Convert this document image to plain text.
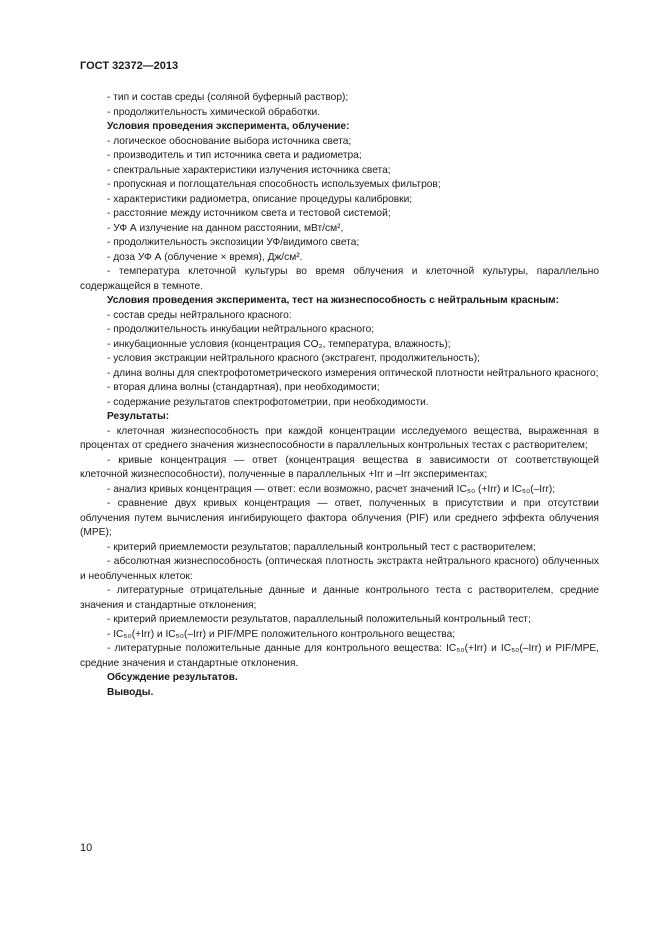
ГОСТ 32372—2013

- тип и состав среды (соляной буферный раствор);

- продолжительность химической обработки.

Условия проведения эксперимента, облучение:

- логическое обоснование выбора источника света;

- производитель и тип источника света и радиометра;

- спектральные характеристики излучения источника света;

- пропускная и поглощательная способность используемых фильтров;

- характеристики радиометра, описание процедуры калибровки;

- расстояние между источником света и тестовой системой;

- УФ А излучение на данном расстоянии, мВт/см²,

- продолжительность экспозиции УФ/видимого света;

- доза УФ А (облучение × время), Дж/см².

- температура клеточной культуры во время облучения и клеточной культуры, параллельно содержащейся в темноте.

Условия проведения эксперимента, тест на жизнеспособность с нейтральным красным:

- состав среды нейтрального красного:

- продолжительность инкубации нейтрального красного;

- инкубационные условия (концентрация CO₂, температура, влажность);

- условия экстракции нейтрального красного (экстрагент, продолжительность);

- длина волны для спектрофотометрического измерения оптической плотности нейтрального красного;

- вторая длина волны (стандартная), при необходимости;

- содержание результатов спектрофотометрии, при необходимости.

Результаты:

- клеточная жизнеспособность при каждой концентрации исследуемого вещества, выраженная в процентах от среднего значения жизнеспособности в параллельных контрольных тестах с растворителем;

- кривые концентрация — ответ (концентрация вещества в зависимости от соответствующей клеточной жизнеспособности), полученные в параллельных +Irr и –Irr экспериментах;

- анализ кривых концентрация — ответ: если возможно, расчет значений IC₅₀ (+Irr) и IC₅₀(–Irr);

- сравнение двух кривых концентрация — ответ, полученных в присутствии и при отсутствии облучения путем вычисления ингибирующего фактора облучения (PIF) или среднего эффекта облучения (MPE);

- критерий приемлемости результатов; параллельный контрольный тест с растворителем;

- абсолютная жизнеспособность (оптическая плотность экстракта нейтрального красного) облученных и необлученных клеток:

- литературные отрицательные данные и данные контрольного теста с растворителем, средние значения и стандартные отклонения;

- критерий приемлемости результатов, параллельный положительный контрольный тест;

- IC₅₀(+Irr) и IC₅₀(–Irr) и PIF/MPE положительного контрольного вещества;

- литературные положительные данные для контрольного вещества: IC₅₀(+Irr) и IC₅₀(–Irr) и PIF/MPE, средние значения и стандартные отклонения.

Обсуждение результатов.

Выводы.

10
